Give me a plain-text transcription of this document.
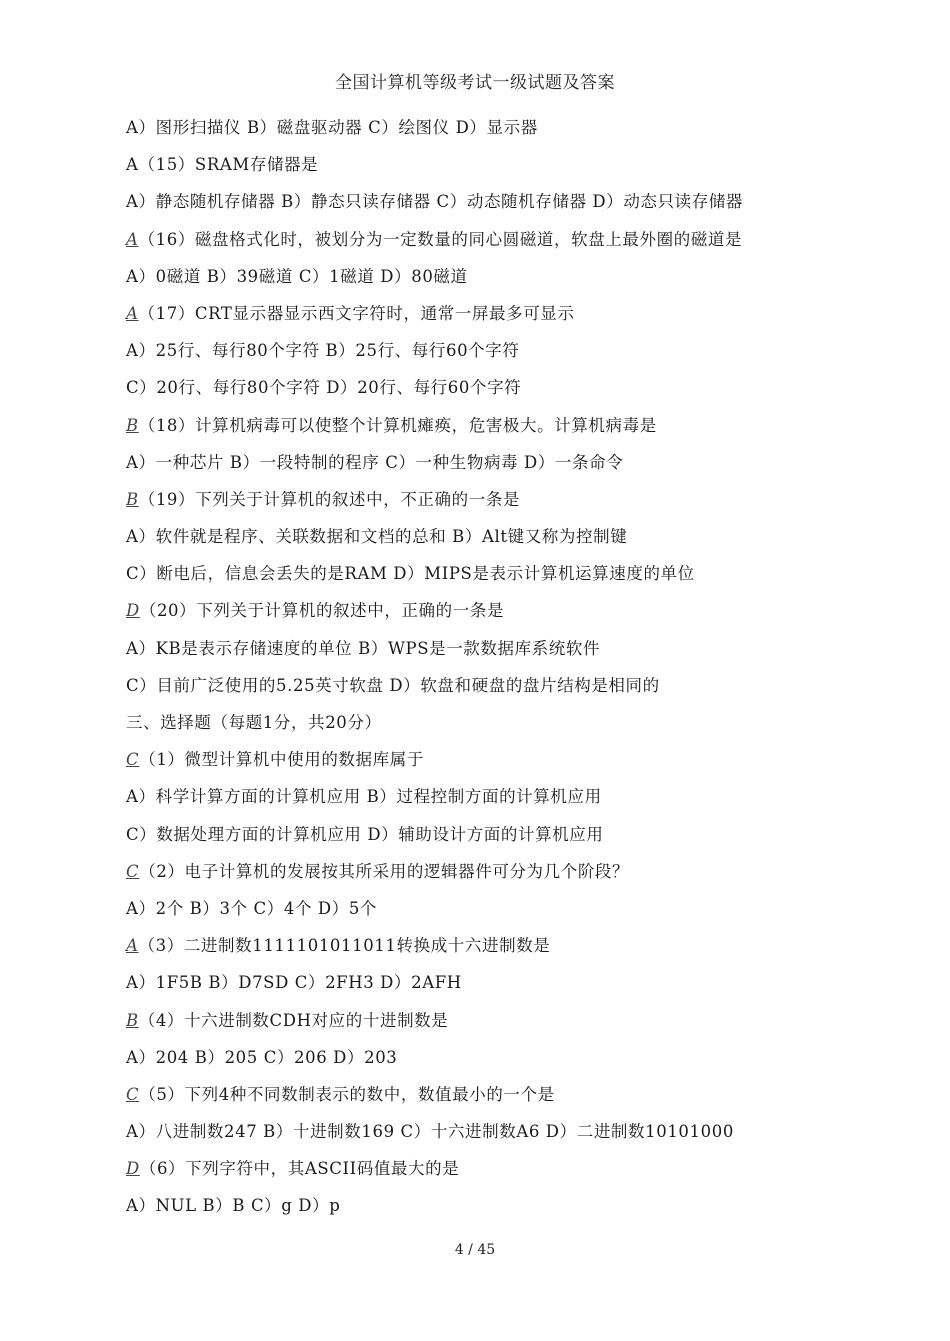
全国计算机等级考试一级试题及答案
A）图形扫描仪 B）磁盘驱动器 C）绘图仪 D）显示器
A（15）SRAM存储器是
A）静态随机存储器 B）静态只读存储器 C）动态随机存储器 D）动态只读存储器
A（16）磁盘格式化时，被划分为一定数量的同心圆磁道，软盘上最外圈的磁道是
A）0磁道 B）39磁道 C）1磁道 D）80磁道
A（17）CRT显示器显示西文字符时，通常一屏最多可显示
A）25行、每行80个字符 B）25行、每行60个字符
C）20行、每行80个字符 D）20行、每行60个字符
B（18）计算机病毒可以使整个计算机瘫痪，危害极大。计算机病毒是
A）一种芯片 B）一段特制的程序 C）一种生物病毒 D）一条命令
B（19）下列关于计算机的叙述中，不正确的一条是
A）软件就是程序、关联数据和文档的总和 B）Alt键又称为控制键
C）断电后，信息会丢失的是RAM D）MIPS是表示计算机运算速度的单位
D（20）下列关于计算机的叙述中，正确的一条是
A）KB是表示存储速度的单位 B）WPS是一款数据库系统软件
C）目前广泛使用的5.25英寸软盘 D）软盘和硬盘的盘片结构是相同的
三、选择题（每题1分，共20分）
C（1）微型计算机中使用的数据库属于
A）科学计算方面的计算机应用 B）过程控制方面的计算机应用
C）数据处理方面的计算机应用 D）辅助设计方面的计算机应用
C（2）电子计算机的发展按其所采用的逻辑器件可分为几个阶段？
A）2个 B）3个 C）4个 D）5个
A（3）二进制数1111101011011转换成十六进制数是
A）1F5B B）D7SD C）2FH3 D）2AFH
B（4）十六进制数CDH对应的十进制数是
A）204 B）205 C）206 D）203
C（5）下列4种不同数制表示的数中，数值最小的一个是
A）八进制数247 B）十进制数169 C）十六进制数A6 D）二进制数10101000
D（6）下列字符中，其ASCII码值最大的是
A）NUL B）B C）g D）p
4 / 45
